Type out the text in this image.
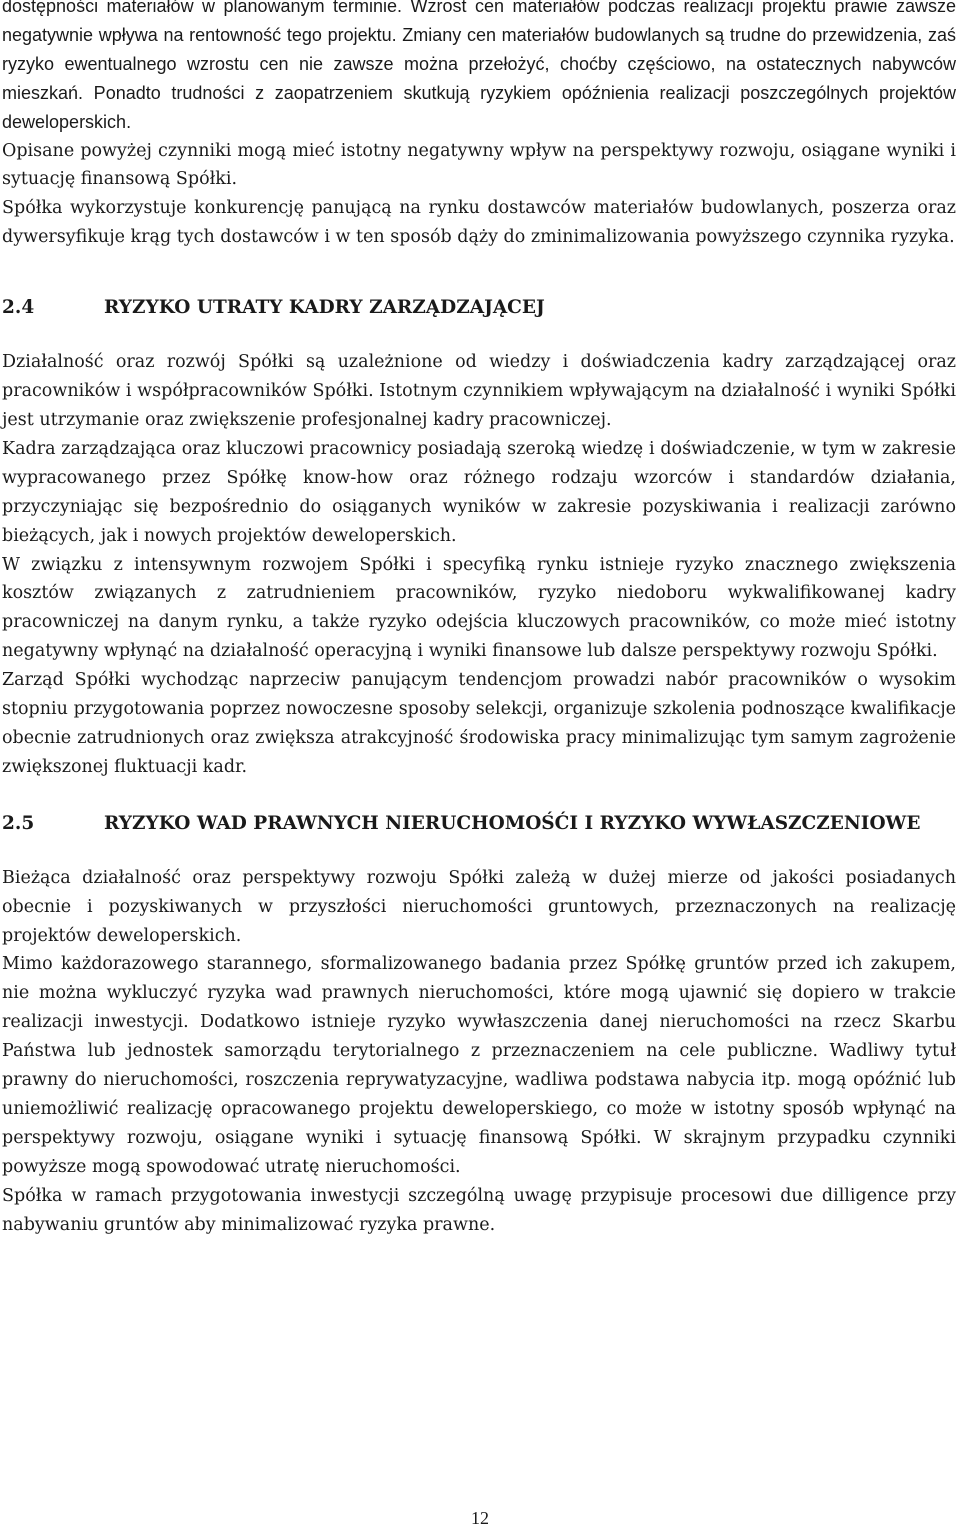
dostępności materiałów w planowanym terminie. Wzrost cen materiałów podczas realizacji projektu prawie zawsze negatywnie wpływa na rentowność tego projektu. Zmiany cen materiałów budowlanych są trudne do przewidzenia, zaś ryzyko ewentualnego wzrostu cen nie zawsze można przełożyć, choćby częściowo, na ostatecznych nabywców mieszkań. Ponadto trudności z zaopatrzeniem skutkują ryzykiem opóźnienia realizacji poszczególnych projektów deweloperskich.

Opisane powyżej czynniki mogą mieć istotny negatywny wpływ na perspektywy rozwoju, osiągane wyniki i sytuację finansową Spółki.

Spółka wykorzystuje konkurencję panującą na rynku dostawców materiałów budowlanych, poszerza oraz dywersyfikuje krąg tych dostawców i w ten sposób dąży do zminimalizowania powyższego czynnika ryzyka.

2.4	RYZYKO UTRATY KADRY ZARZĄDZAJĄCEJ

Działalność oraz rozwój Spółki są uzależnione od wiedzy i doświadczenia kadry zarządzającej oraz pracowników i współpracowników Spółki. Istotnym czynnikiem wpływającym na działalność i wyniki Spółki jest utrzymanie oraz zwiększenie profesjonalnej kadry pracowniczej.

Kadra zarządzająca oraz kluczowi pracownicy posiadają szeroką wiedzę i doświadczenie, w tym w zakresie wypracowanego przez Spółkę know-how oraz różnego rodzaju wzorców i standardów działania, przyczyniając się bezpośrednio do osiąganych wyników w zakresie pozyskiwania i realizacji zarówno bieżących, jak i nowych projektów deweloperskich.

W związku z intensywnym rozwojem Spółki i specyfiką rynku istnieje ryzyko znacznego zwiększenia kosztów związanych z zatrudnieniem pracowników, ryzyko niedoboru wykwalifikowanej kadry pracowniczej na danym rynku, a także ryzyko odejścia kluczowych pracowników, co może mieć istotny negatywny wpłynąć na działalność operacyjną i wyniki finansowe lub dalsze perspektywy rozwoju Spółki.

Zarząd Spółki wychodząc naprzeciw panującym tendencjom prowadzi nabór pracowników o wysokim stopniu przygotowania poprzez nowoczesne sposoby selekcji, organizuje szkolenia podnoszące kwalifikacje obecnie zatrudnionych oraz zwiększa atrakcyjność środowiska pracy minimalizując tym samym zagrożenie zwiększonej fluktuacji kadr.

2.5	RYZYKO WAD PRAWNYCH NIERUCHOMOŚĆI I RYZYKO WYWŁASZCZENIOWE

Bieżąca działalność oraz perspektywy rozwoju Spółki zależą w dużej mierze od jakości posiadanych obecnie i pozyskiwanych w przyszłości nieruchomości gruntowych, przeznaczonych na realizację projektów deweloperskich.

Mimo każdorazowego starannego, sformalizowanego badania przez Spółkę gruntów przed ich zakupem, nie można wykluczyć ryzyka wad prawnych nieruchomości, które mogą ujawnić się dopiero w trakcie realizacji inwestycji. Dodatkowo istnieje ryzyko wywłaszczenia danej nieruchomości na rzecz Skarbu Państwa lub jednostek samorządu terytorialnego z przeznaczeniem na cele publiczne. Wadliwy tytuł prawny do nieruchomości, roszczenia reprywatyzacyjne, wadliwa podstawa nabycia itp. mogą opóźnić lub uniemożliwić realizację opracowanego projektu deweloperskiego, co może w istotny sposób wpłynąć na perspektywy rozwoju, osiągane wyniki i sytuację finansową Spółki. W skrajnym przypadku czynniki powyższe mogą spowodować utratę nieruchomości.

Spółka w ramach przygotowania inwestycji szczególną uwagę przypisuje procesowi due dilligence przy nabywaniu gruntów aby minimalizować ryzyka prawne.

12
